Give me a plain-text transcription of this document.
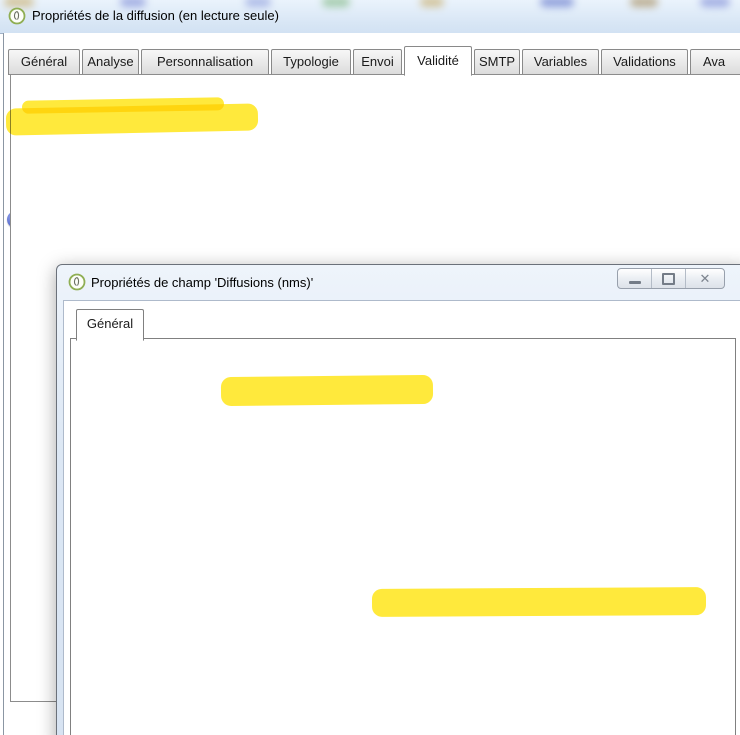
Propriétés de la diffusion (en lecture seule)
Général	Analyse	Personnalisation	Typologie	Envoi	Validité	SMTP	Variables	Validations	Ava
5j
60j
Propriétés de champ 'Diffusions (nms)'	✕
Général
Durée de diffusion
Durée maximale de diffusion à partir de la validation de la diffusion.
GetOption('NmsBroadcast_MsgValidityDuration')
